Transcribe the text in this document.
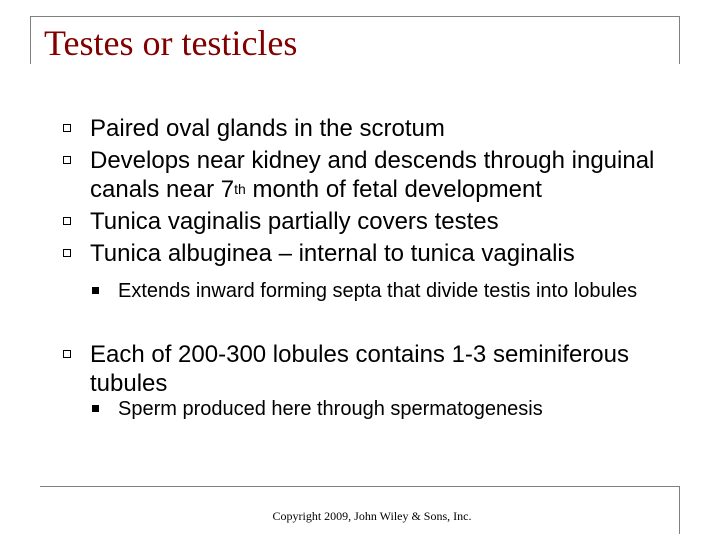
Testes or testicles
Paired oval glands in the scrotum
Develops near kidney and descends through inguinal canals near 7th month of fetal development
Tunica vaginalis partially covers testes
Tunica albuginea – internal to tunica vaginalis
Extends inward forming septa that divide testis into lobules
Each of 200-300 lobules contains 1-3 seminiferous tubules
Sperm produced here through spermatogenesis
Copyright 2009, John Wiley & Sons, Inc.
